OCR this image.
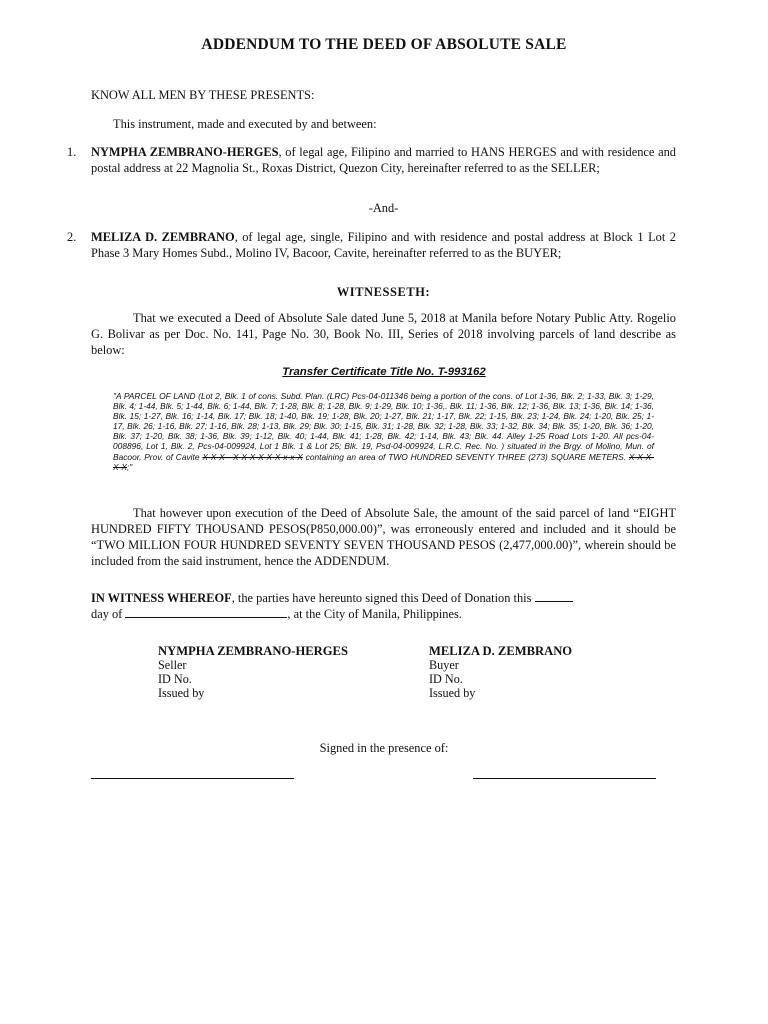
ADDENDUM TO THE DEED OF ABSOLUTE SALE
KNOW ALL MEN BY THESE PRESENTS:
This instrument, made and executed by and between:
1. NYMPHA ZEMBRANO-HERGES, of legal age, Filipino and married to HANS HERGES and with residence and postal address at 22 Magnolia St., Roxas District, Quezon City, hereinafter referred to as the SELLER;
-And-
2. MELIZA D. ZEMBRANO, of legal age, single, Filipino and with residence and postal address at Block 1 Lot 2 Phase 3 Mary Homes Subd., Molino IV, Bacoor, Cavite, hereinafter referred to as the BUYER;
WITNESSETH:
That we executed a Deed of Absolute Sale dated June 5, 2018 at Manila before Notary Public Atty. Rogelio G. Bolivar as per Doc. No. 141, Page No. 30, Book No. III, Series of 2018 involving parcels of land describe as below:
Transfer Certificate Title No. T-993162
"A PARCEL OF LAND (Lot 2, Blk. 1 of cons. Subd. Plan. (LRC) Pcs-04-011346 being a portion of the cons. of Lot 1-36, Blk. 2; 1-33, Blk. 3; 1-29, Blk. 4; 1-44, Blk. 5; 1-44, Blk. 6; 1-44, Blk. 7; 1-28, Blk. 8; 1-28, Blk. 9; 1-29, Blk. 10; 1-36,. Blk. 11; 1-36, Blk. 12; 1-36, Blk. 13; 1-36, Blk. 14; 1-36, Blk. 15; 1-27, Blk. 16; 1-14, Blk. 17; Blk. 18; 1-40, Blk. 19; 1-28, Blk. 20; 1-27, Blk. 21; 1-17, Blk. 22; 1-15, Blk. 23; 1-24, Blk. 24; 1-20, Blk. 25; 1-17, Blk. 26; 1-16, Blk. 27; 1-16, Blk. 28; 1-13, Blk. 29; Blk. 30; 1-15, Blk. 31; 1-28, Blk. 32; 1-28, Blk. 33; 1-32, Blk. 34; Blk. 35; 1-20, Blk. 36; 1-20, Blk. 37; 1-20, Blk. 38; 1-36, Blk. 39; 1-12, Blk. 40; 1-44, Blk. 41; 1-28, Blk. 42; 1-14, Blk. 43; Blk. 44. Alley 1-25 Road Lots 1-20. All pcs-04-008896, Lot 1, Blk. 2, Pcs-04-009924, Lot 1 Blk. 1 & Lot 25; Blk. 19, Psd-04-009924, L.R.C. Rec. No. ) situated in the Brgy. of Molino, Mun. of Bacoor, Prov. of Cavite X-X-X—X-X-X-X-X-X-x-x-X containing an area of TWO HUNDRED SEVENTY THREE (273) SQUARE METERS. X-X-X-X-X;"
That however upon execution of the Deed of Absolute Sale, the amount of the said parcel of land “EIGHT HUNDRED FIFTY THOUSAND PESOS(P850,000.00)”, was erroneously entered and included and it should be “TWO MILLION FOUR HUNDRED SEVENTY SEVEN THOUSAND PESOS (2,477,000.00)”, wherein should be included from the said instrument, hence the ADDENDUM.
IN WITNESS WHEREOF, the parties have hereunto signed this Deed of Donation this
day of	, at the City of Manila, Philippines.
NYMPHA ZEMBRANO-HERGES
Seller
ID No.
Issued by
MELIZA D. ZEMBRANO
Buyer
ID No.
Issued by
Signed in the presence of:
